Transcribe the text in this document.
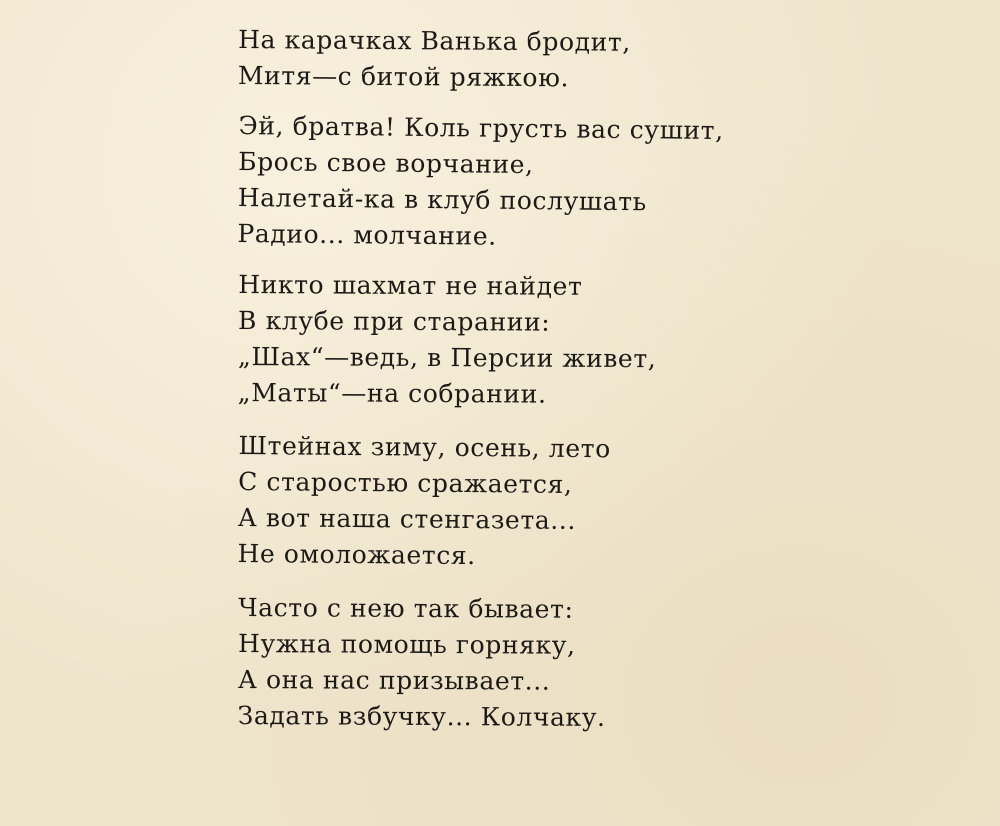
На карачках Ванька бродит,
Митя—с битой ряжкою.
Эй, братва! Коль грусть вас сушит,
Брось свое ворчание,
Налетай-ка в клуб послушать
Радио... молчание.
Никто шахмат не найдет
В клубе при старании:
„Шах“—ведь, в Персии живет,
„Маты“—на собрании.
Штейнах зиму, осень, лето
С старостью сражается,
А вот наша стенгазета...
Не омоложается.
Часто с нею так бывает:
Нужна помощь горняку,
А она нас призывает...
Задать взбучку... Колчаку.
